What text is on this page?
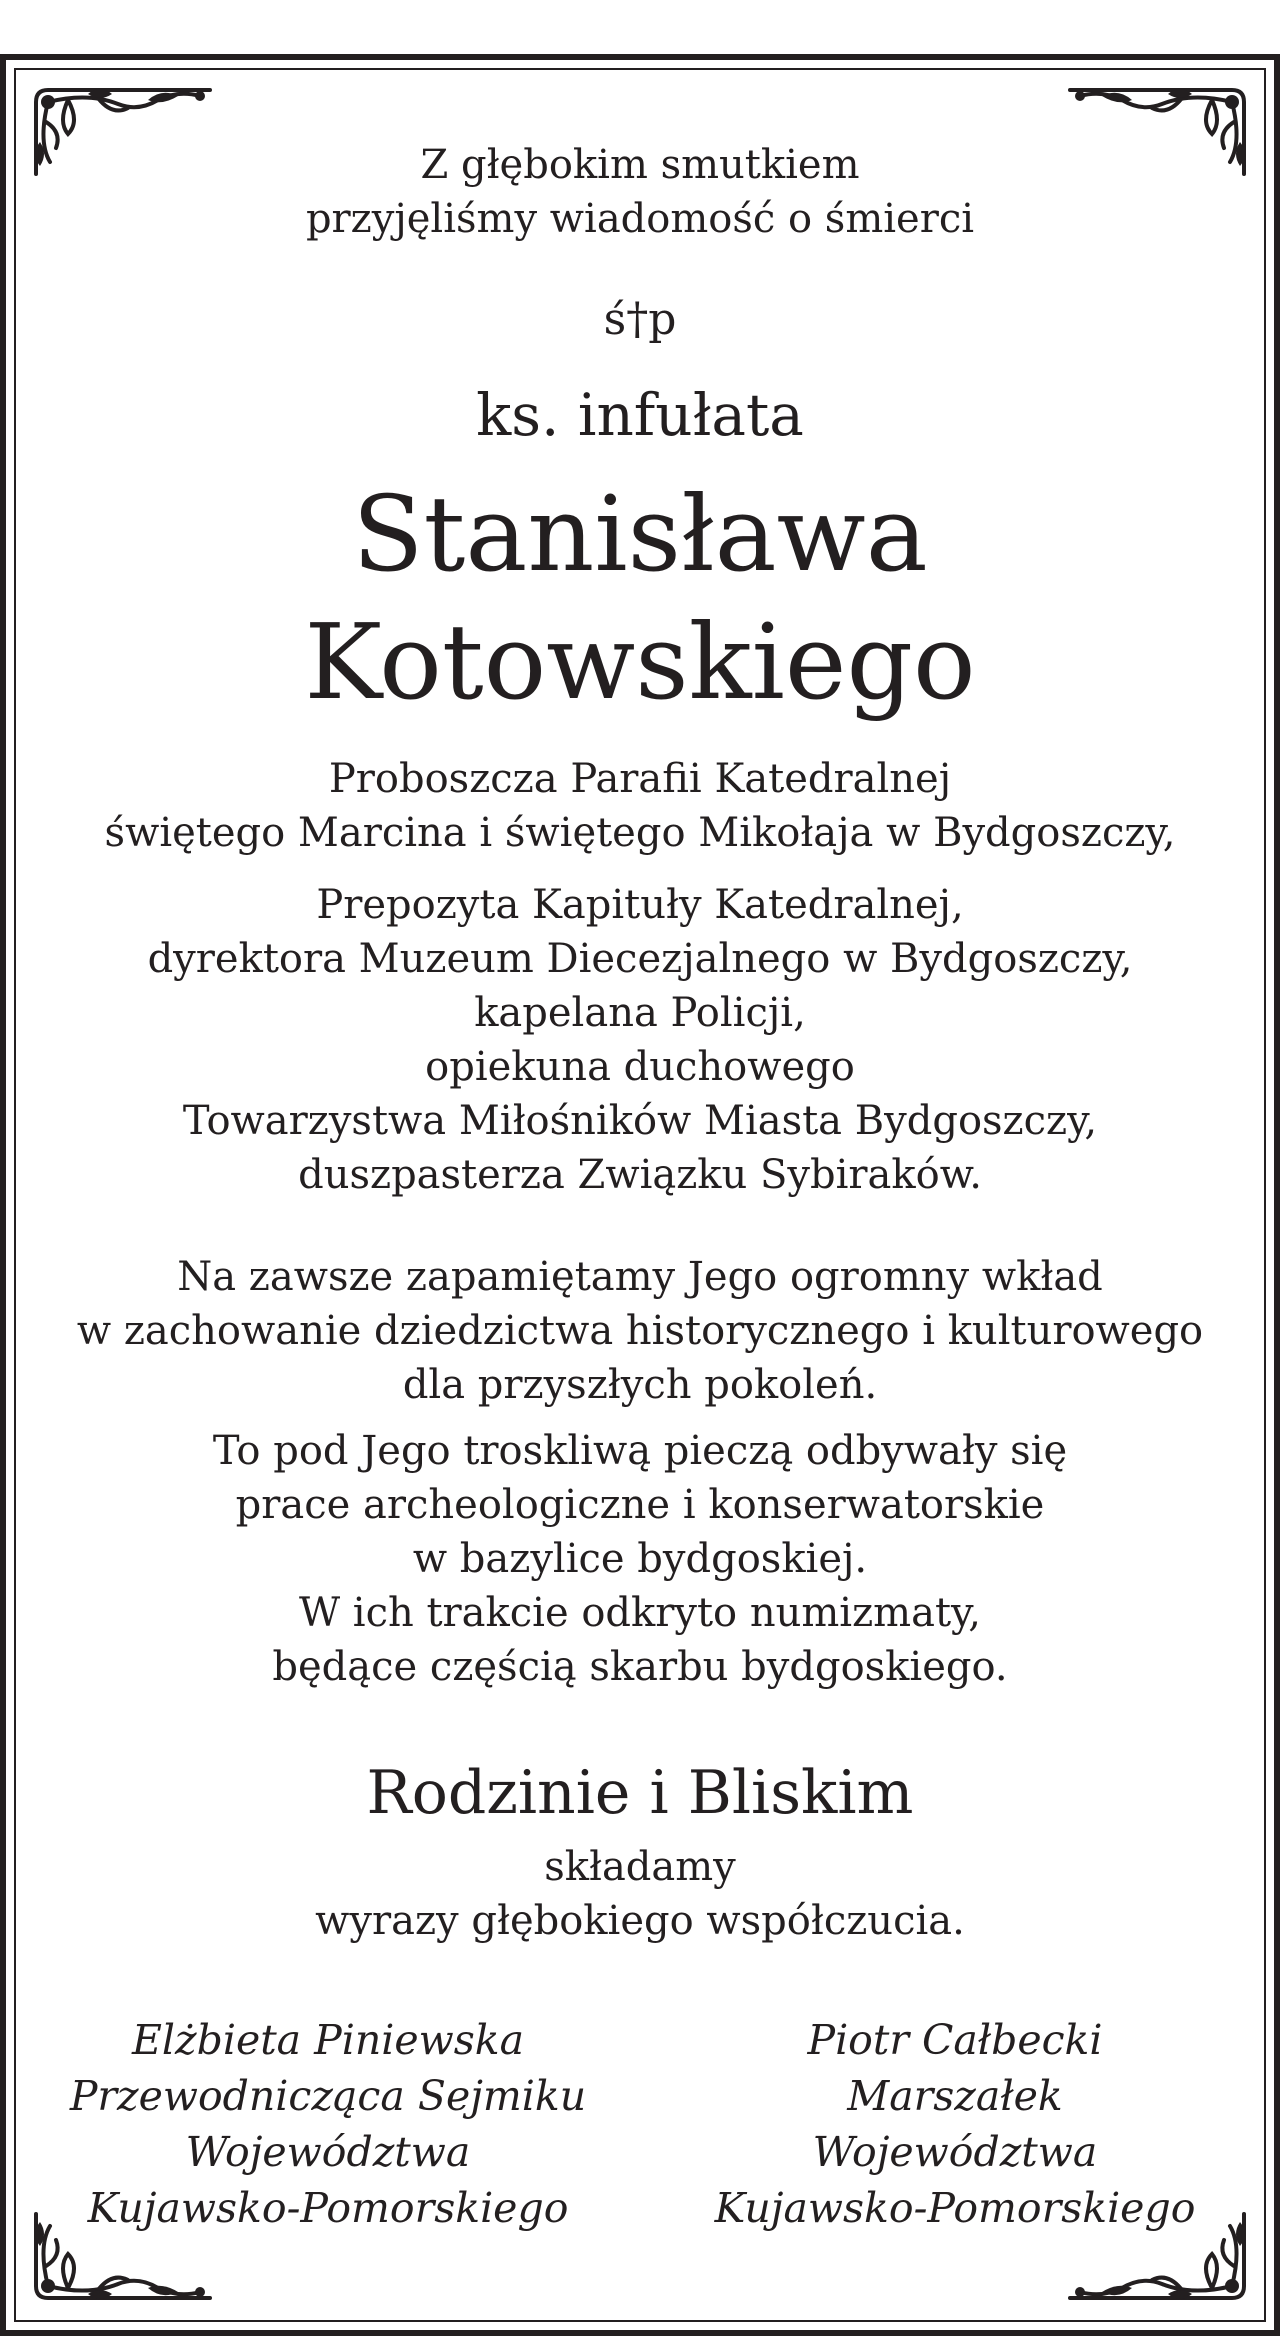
Z głębokim smutkiem
przyjęliśmy wiadomość o śmierci
ś†p
ks. infułata
Stanisława
Kotowskiego
Proboszcza Parafii Katedralnej
świętego Marcina i świętego Mikołaja w Bydgoszczy,
Prepozyta Kapituły Katedralnej,
dyrektora Muzeum Diecezjalnego w Bydgoszczy,
kapelana Policji,
opiekuna duchowego
Towarzystwa Miłośników Miasta Bydgoszczy,
duszpasterza Związku Sybiraków.
Na zawsze zapamiętamy Jego ogromny wkład
w zachowanie dziedzictwa historycznego i kulturowego
dla przyszłych pokoleń.
To pod Jego troskliwą pieczą odbywały się
prace archeologiczne i konserwatorskie
w bazylice bydgoskiej.
W ich trakcie odkryto numizmaty,
będące częścią skarbu bydgoskiego.
Rodzinie i Bliskim
składamy
wyrazy głębokiego współczucia.
Elżbieta Piniewska
Przewodnicząca Sejmiku
Województwa
Kujawsko-Pomorskiego
Piotr Całbecki
Marszałek
Województwa
Kujawsko-Pomorskiego
